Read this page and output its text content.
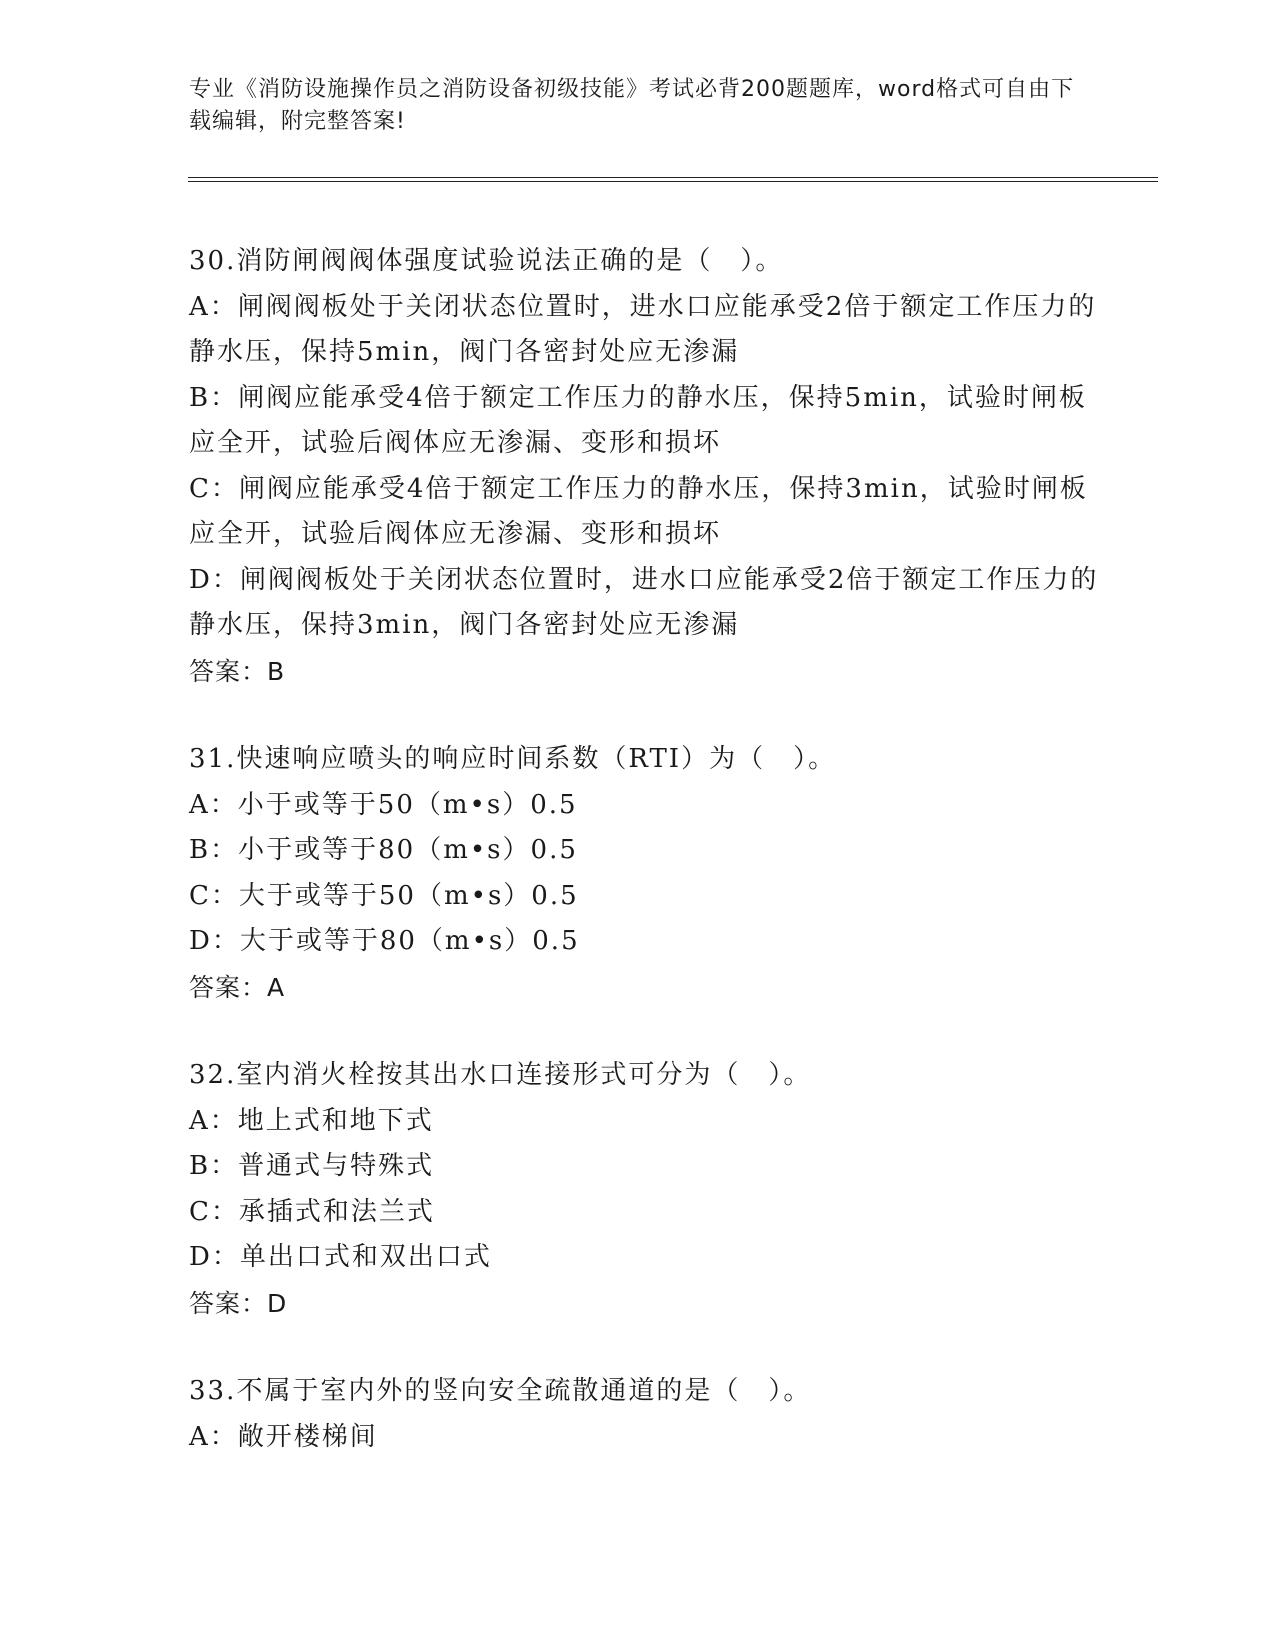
专业《消防设施操作员之消防设备初级技能》考试必背200题题库，word格式可自由下载编辑，附完整答案!
30.消防闸阀阀体强度试验说法正确的是（　）。
A：闸阀阀板处于关闭状态位置时，进水口应能承受2倍于额定工作压力的静水压，保持5min，阀门各密封处应无渗漏
B：闸阀应能承受4倍于额定工作压力的静水压，保持5min，试验时闸板应全开，试验后阀体应无渗漏、变形和损坏
C：闸阀应能承受4倍于额定工作压力的静水压，保持3min，试验时闸板应全开，试验后阀体应无渗漏、变形和损坏
D：闸阀阀板处于关闭状态位置时，进水口应能承受2倍于额定工作压力的静水压，保持3min，阀门各密封处应无渗漏
答案：B
31.快速响应喷头的响应时间系数（RTI）为（　）。
A：小于或等于50（m•s）0.5
B：小于或等于80（m•s）0.5
C：大于或等于50（m•s）0.5
D：大于或等于80（m•s）0.5
答案：A
32.室内消火栓按其出水口连接形式可分为（　）。
A：地上式和地下式
B：普通式与特殊式
C：承插式和法兰式
D：单出口式和双出口式
答案：D
33.不属于室内外的竖向安全疏散通道的是（　）。
A：敞开楼梯间
